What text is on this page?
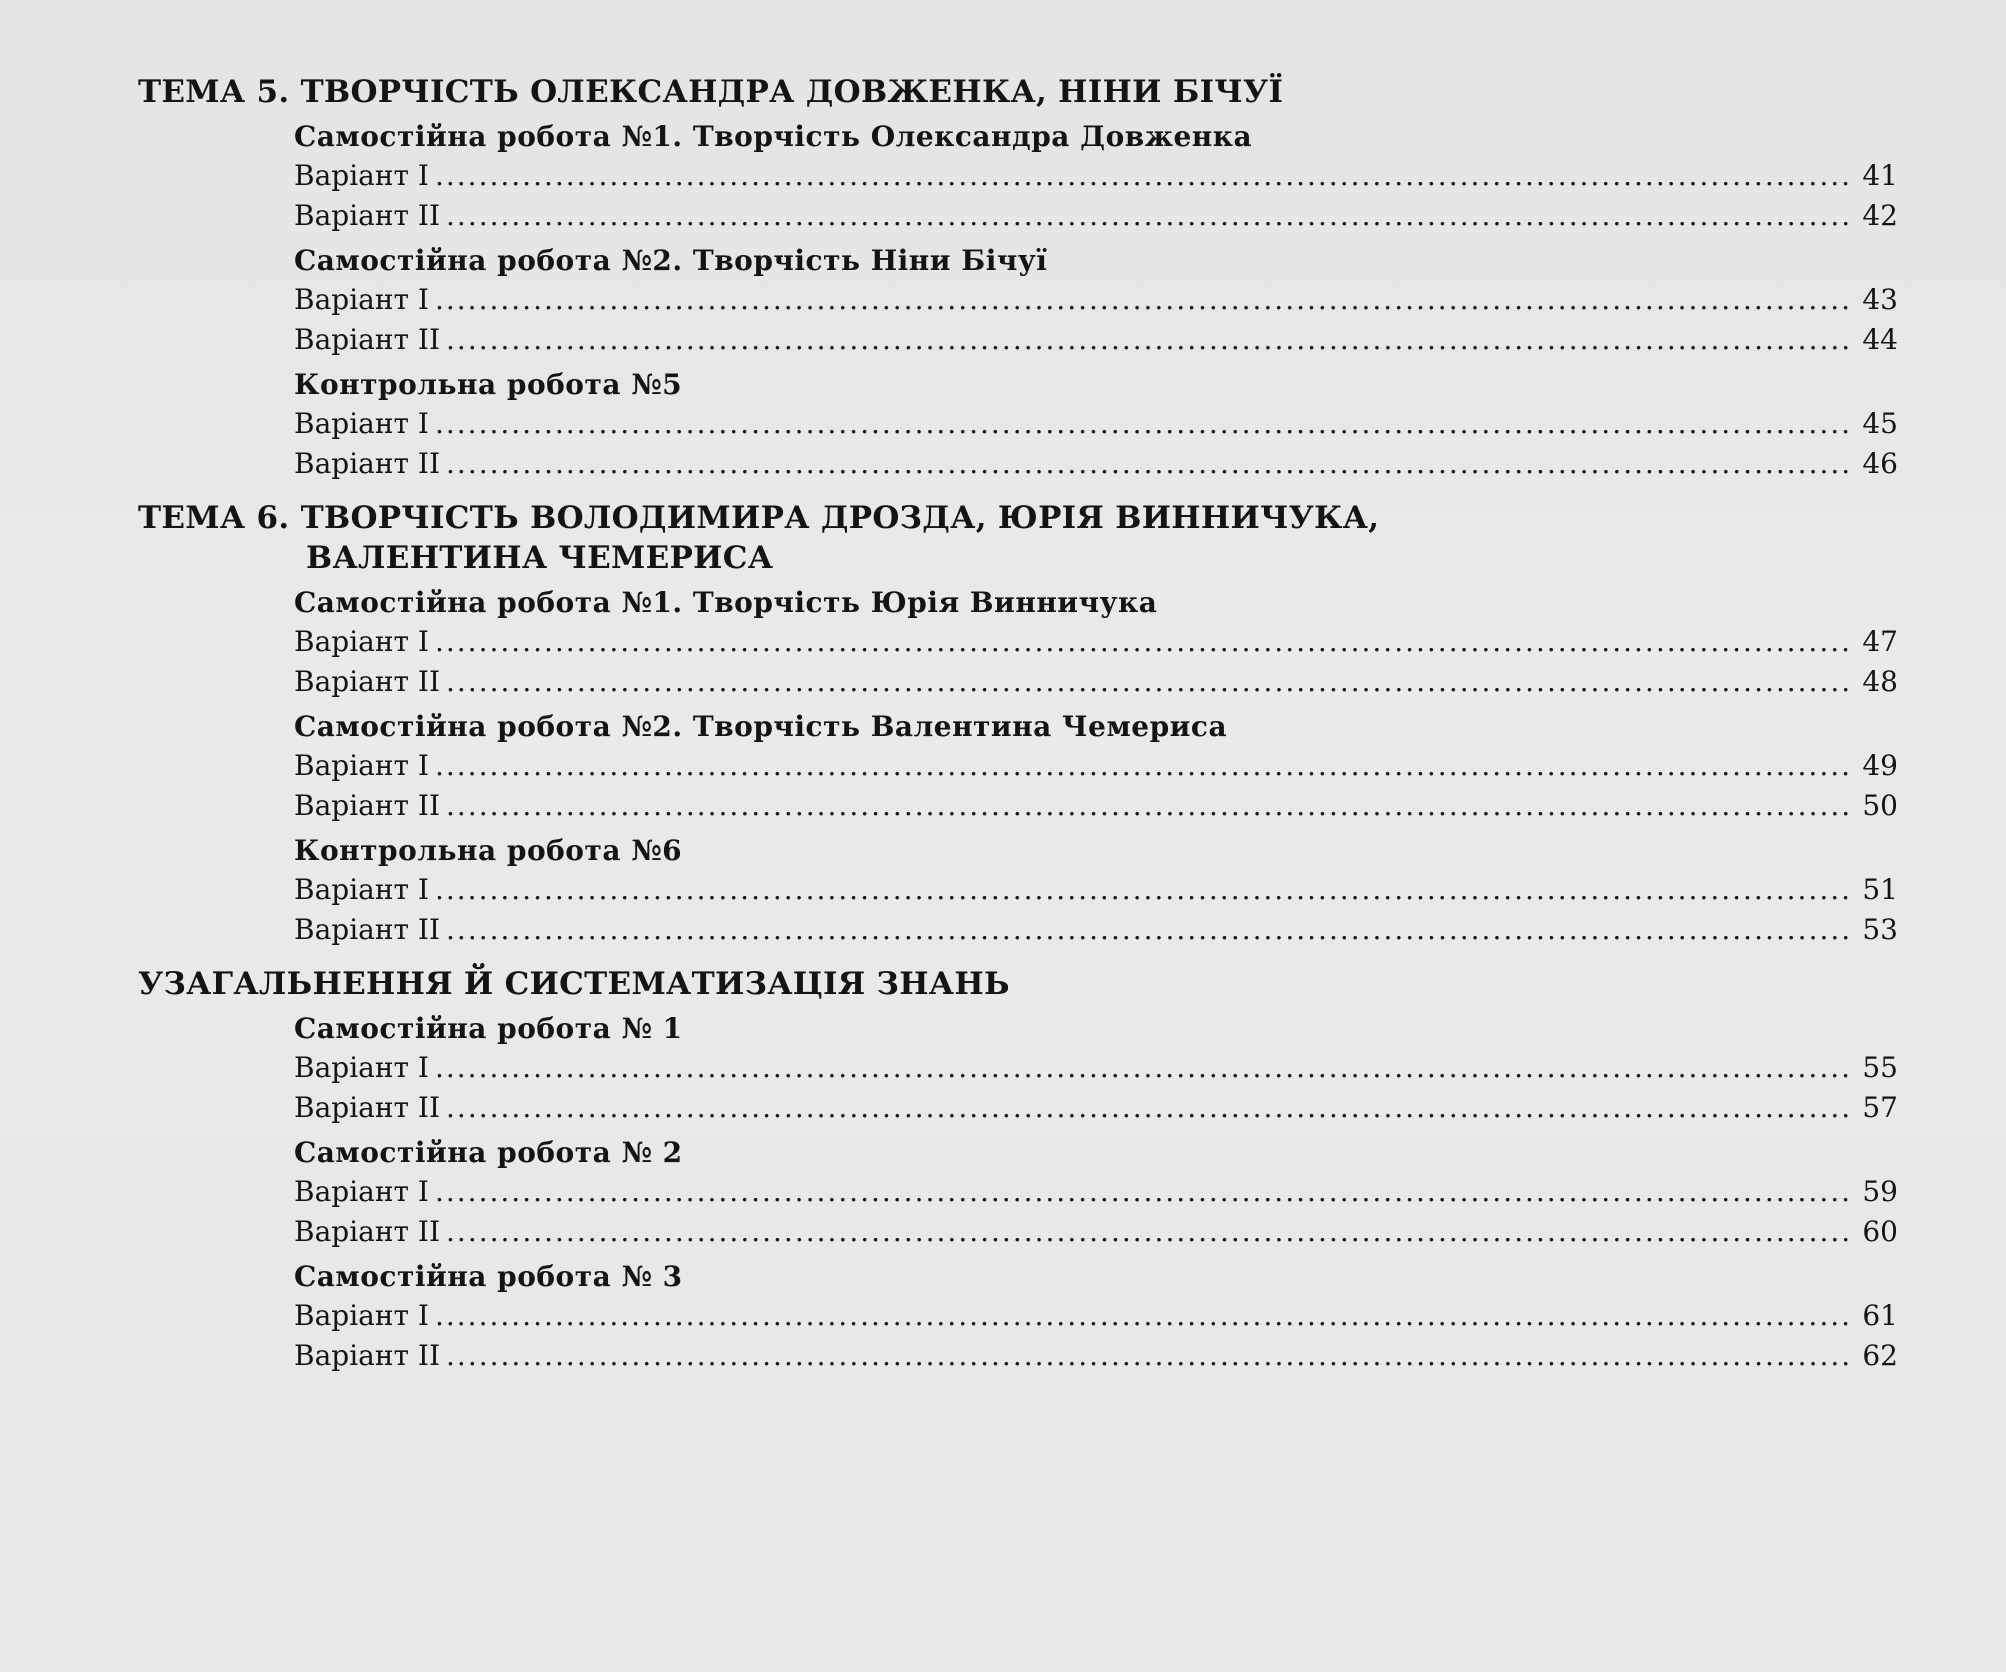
ТЕМА 5. ТВОРЧІСТЬ ОЛЕКСАНДРА ДОВЖЕНКА, НІНИ БІЧУЇ
Самостійна робота №1. Творчість Олександра Довженка
Варіант І .....	41
Варіант ІІ .....	42
Самостійна робота №2. Творчість Ніни Бічуї
Варіант І .....	43
Варіант ІІ .....	44
Контрольна робота №5
Варіант І .....	45
Варіант ІІ .....	46
ТЕМА 6. ТВОРЧІСТЬ ВОЛОДИМИРА ДРОЗДА, ЮРІЯ ВИННИЧУКА,
ВАЛЕНТИНА ЧЕМЕРИСА
Самостійна робота №1. Творчість Юрія Винничука
Варіант І .....	47
Варіант ІІ .....	48
Самостійна робота №2. Творчість Валентина Чемериса
Варіант І .....	49
Варіант ІІ .....	50
Контрольна робота №6
Варіант І .....	51
Варіант ІІ .....	53
УЗАГАЛЬНЕННЯ Й СИСТЕМАТИЗАЦІЯ ЗНАНЬ
Самостійна робота № 1
Варіант І .....	55
Варіант ІІ .....	57
Самостійна робота № 2
Варіант І .....	59
Варіант ІІ .....	60
Самостійна робота № 3
Варіант І .....	61
Варіант ІІ .....	62
